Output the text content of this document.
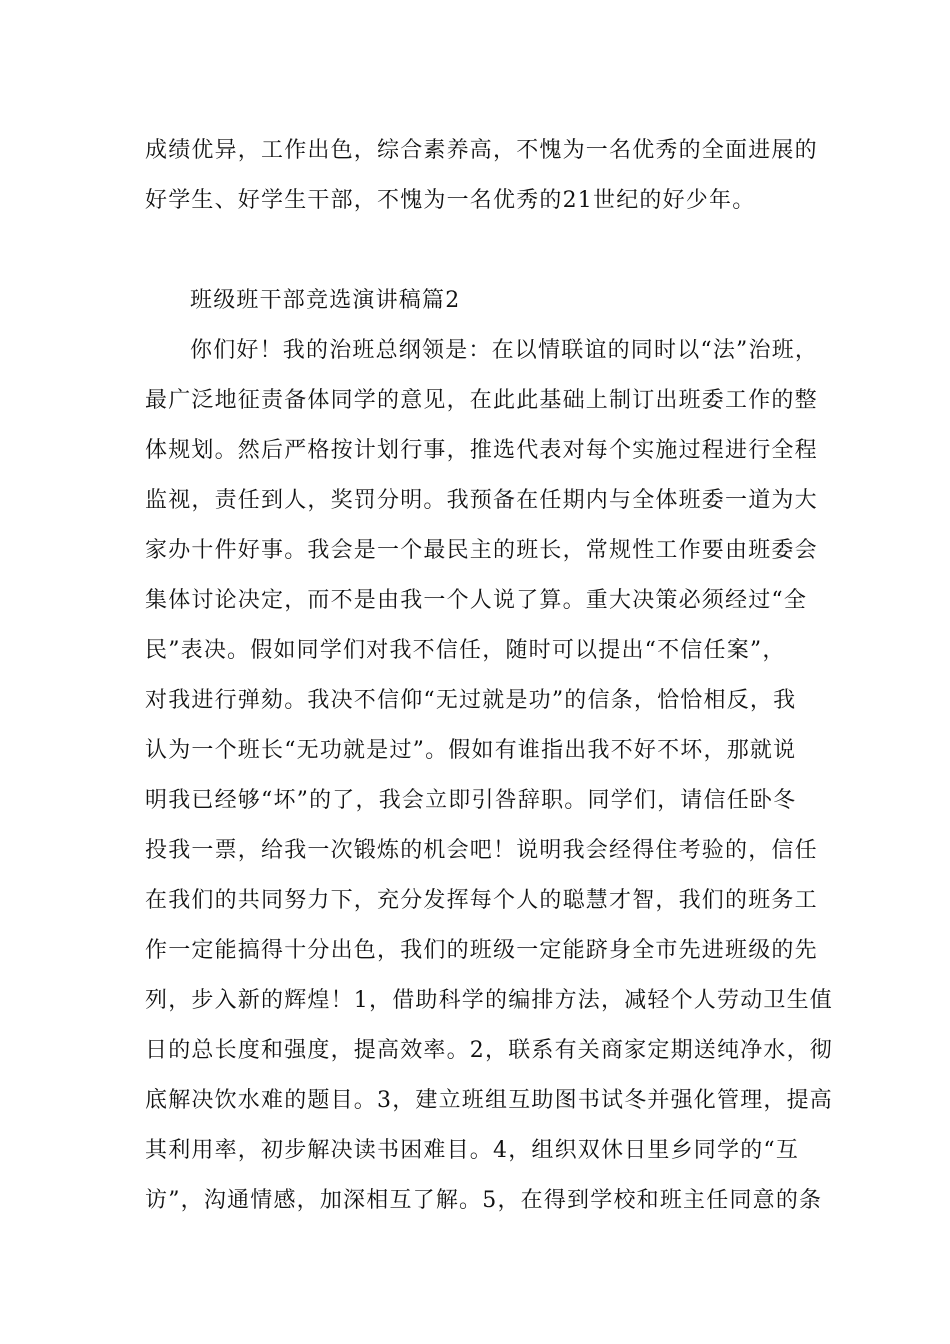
成绩优异，工作出色，综合素养高，不愧为一名优秀的全面进展的
好学生、好学生干部，不愧为一名优秀的21世纪的好少年。
班级班干部竞选演讲稿篇2
你们好！我的治班总纲领是：在以情联谊的同时以“法”治班，
最广泛地征责备体同学的意见，在此此基础上制订出班委工作的整
体规划。然后严格按计划行事，推选代表对每个实施过程进行全程
监视，责任到人，奖罚分明。我预备在任期内与全体班委一道为大
家办十件好事。我会是一个最民主的班长，常规性工作要由班委会
集体讨论决定，而不是由我一个人说了算。重大决策必须经过“全
民”表决。假如同学们对我不信任，随时可以提出“不信任案”，
对我进行弹劾。我决不信仰“无过就是功”的信条，恰恰相反，我
认为一个班长“无功就是过”。假如有谁指出我不好不坏，那就说
明我已经够“坏”的了，我会立即引咎辞职。同学们，请信任卧冬
投我一票，给我一次锻炼的机会吧！说明我会经得住考验的，信任
在我们的共同努力下，充分发挥每个人的聪慧才智，我们的班务工
作一定能搞得十分出色，我们的班级一定能跻身全市先进班级的先
列，步入新的辉煌！1，借助科学的编排方法，减轻个人劳动卫生值
日的总长度和强度，提高效率。2，联系有关商家定期送纯净水，彻
底解决饮水难的题目。3，建立班组互助图书试冬并强化管理，提高
其利用率，初步解决读书困难目。4，组织双休日里乡同学的“互
访”，沟通情感，加深相互了解。5，在得到学校和班主任同意的条
